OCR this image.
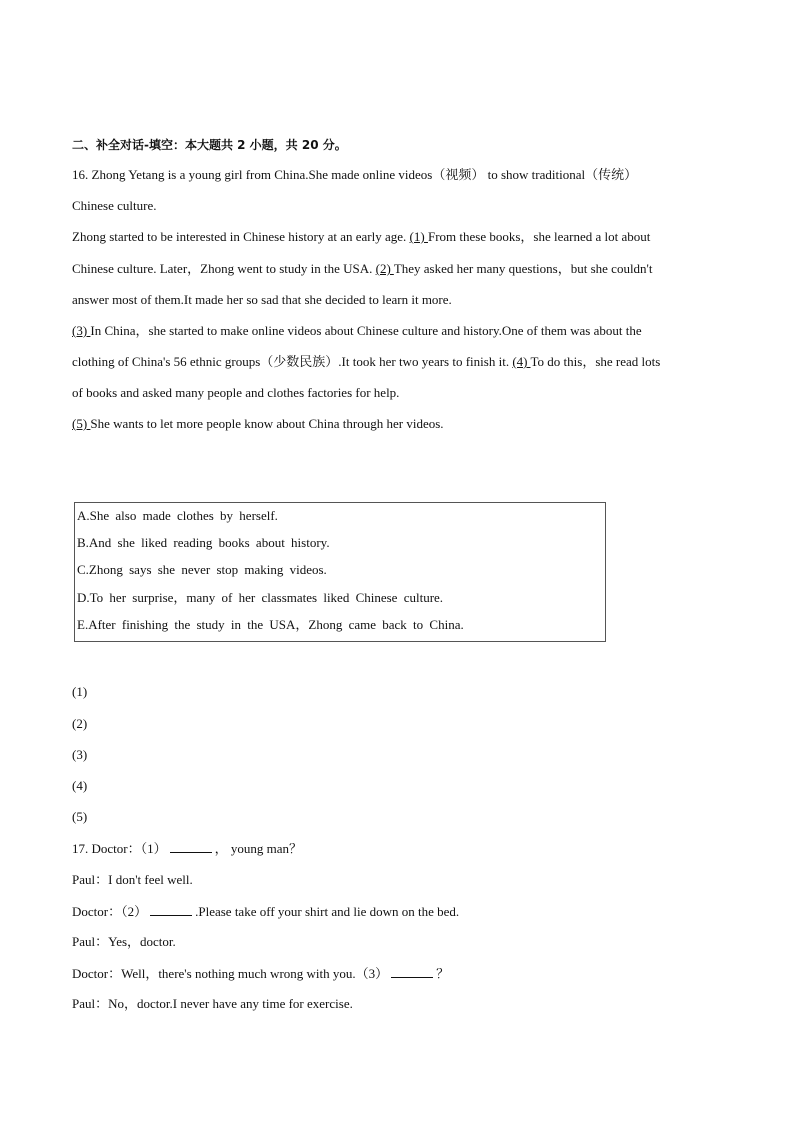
二、补全对话-填空：本大题共 2 小题，共 20 分。
16. Zhong Yetang is a young girl from China.She made online videos（视频） to show traditional（传统）
Chinese culture.
Zhong started to be interested in Chinese history at an early age. (1) From these books，she learned a lot about
Chinese culture. Later，Zhong went to study in the USA. (2) They asked her many questions，but she couldn't
answer most of them.It made her so sad that she decided to learn it more.
(3) In China，she started to make online videos about Chinese culture and history.One of them was about the
clothing of China's 56 ethnic groups（少数民族）.It took her two years to finish it. (4) To do this，she read lots
of books and asked many people and clothes factories for help.
(5) She wants to let more people know about China through her videos.
(1)
(2)
(3)
(4)
(5)
17. Doctor：（1）	， young man？
Paul：I don't feel well.
Doctor：（2）	.Please take off your shirt and lie down on the bed.
Paul：Yes，doctor.
Doctor：Well，there's nothing much wrong with you.（3）	？
Paul：No，doctor.I never have any time for exercise.
A.She also made clothes by herself.
B.And she liked reading books about history.
C.Zhong says she never stop making videos.
D.To her surprise，many of her classmates liked Chinese culture.
E.After finishing the study in the USA，Zhong came back to China.
